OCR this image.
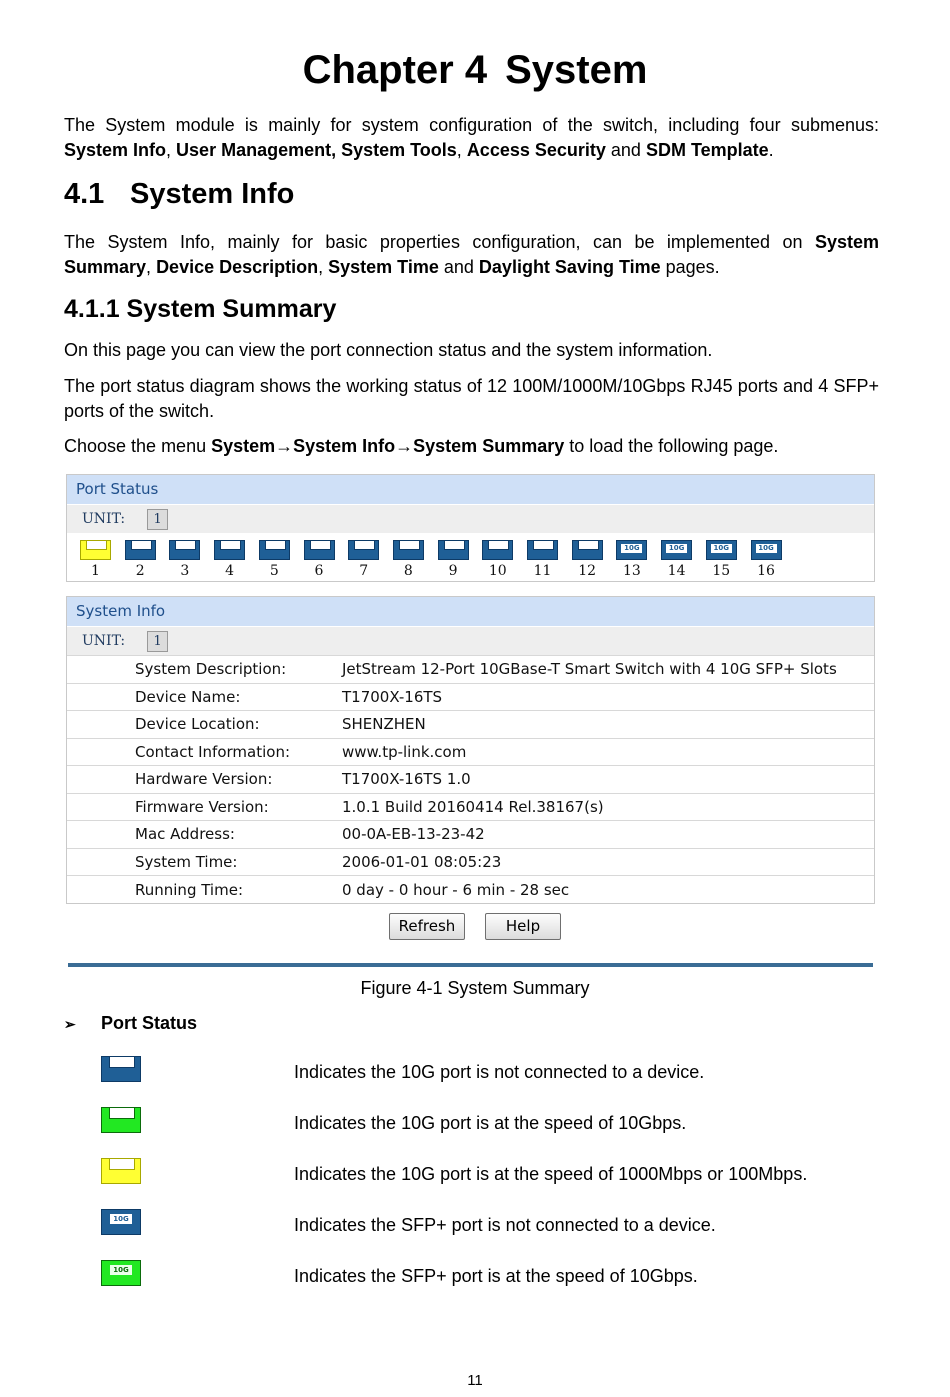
Chapter 4 System

The System module is mainly for system configuration of the switch, including four submenus: System Info, User Management, System Tools, Access Security and SDM Template.

4.1 System Info

The System Info, mainly for basic properties configuration, can be implemented on System Summary, Device Description, System Time and Daylight Saving Time pages.

4.1.1 System Summary

On this page you can view the port connection status and the system information.

The port status diagram shows the working status of 12 100M/1000M/10Gbps RJ45 ports and 4 SFP+ ports of the switch.

Choose the menu System→System Info→System Summary to load the following page.

Port Status
UNIT: 1
1	2	3	4	5	6	7	8	9	10	11	12
10G
13
10G
14
10G
15
10G
16
System Info
UNIT: 1
System Description:	JetStream 12-Port 10GBase-T Smart Switch with 4 10G SFP+ Slots
Device Name:	T1700X-16TS
Device Location:	SHENZHEN
Contact Information:	www.tp-link.com
Hardware Version:	T1700X-16TS 1.0
Firmware Version:	1.0.1 Build 20160414 Rel.38167(s)
Mac Address:	00-0A-EB-13-23-42
System Time:	2006-01-01 08:05:23
Running Time:	0 day - 0 hour - 6 min - 28 sec
Refresh	Help
Figure 4-1 System Summary
➢ Port Status
Indicates the 10G port is not connected to a device.
Indicates the 10G port is at the speed of 10Gbps.
Indicates the 10G port is at the speed of 1000Mbps or 100Mbps.
10G	Indicates the SFP+ port is not connected to a device.
10G	Indicates the SFP+ port is at the speed of 10Gbps.
11
